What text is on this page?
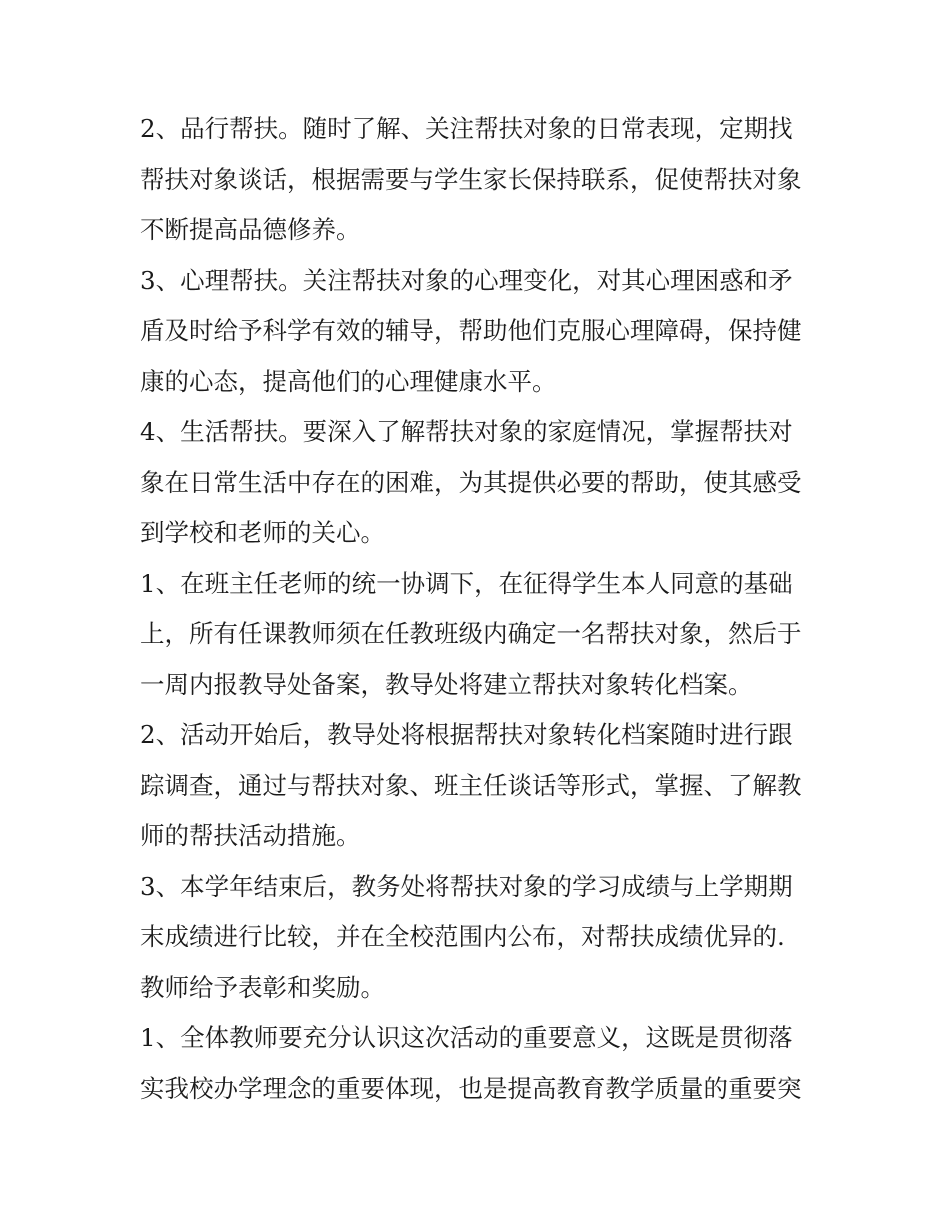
2、品行帮扶。随时了解、关注帮扶对象的日常表现，定期找
帮扶对象谈话，根据需要与学生家长保持联系，促使帮扶对象
不断提高品德修养。
3、心理帮扶。关注帮扶对象的心理变化，对其心理困惑和矛
盾及时给予科学有效的辅导，帮助他们克服心理障碍，保持健
康的心态，提高他们的心理健康水平。
4、生活帮扶。要深入了解帮扶对象的家庭情况，掌握帮扶对
象在日常生活中存在的困难，为其提供必要的帮助，使其感受
到学校和老师的关心。
1、在班主任老师的统一协调下，在征得学生本人同意的基础
上，所有任课教师须在任教班级内确定一名帮扶对象，然后于
一周内报教导处备案，教导处将建立帮扶对象转化档案。
2、活动开始后，教导处将根据帮扶对象转化档案随时进行跟
踪调查，通过与帮扶对象、班主任谈话等形式，掌握、了解教
师的帮扶活动措施。
3、本学年结束后，教务处将帮扶对象的学习成绩与上学期期
末成绩进行比较，并在全校范围内公布，对帮扶成绩优异的.
教师给予表彰和奖励。
1、全体教师要充分认识这次活动的重要意义，这既是贯彻落
实我校办学理念的重要体现，也是提高教育教学质量的重要突
